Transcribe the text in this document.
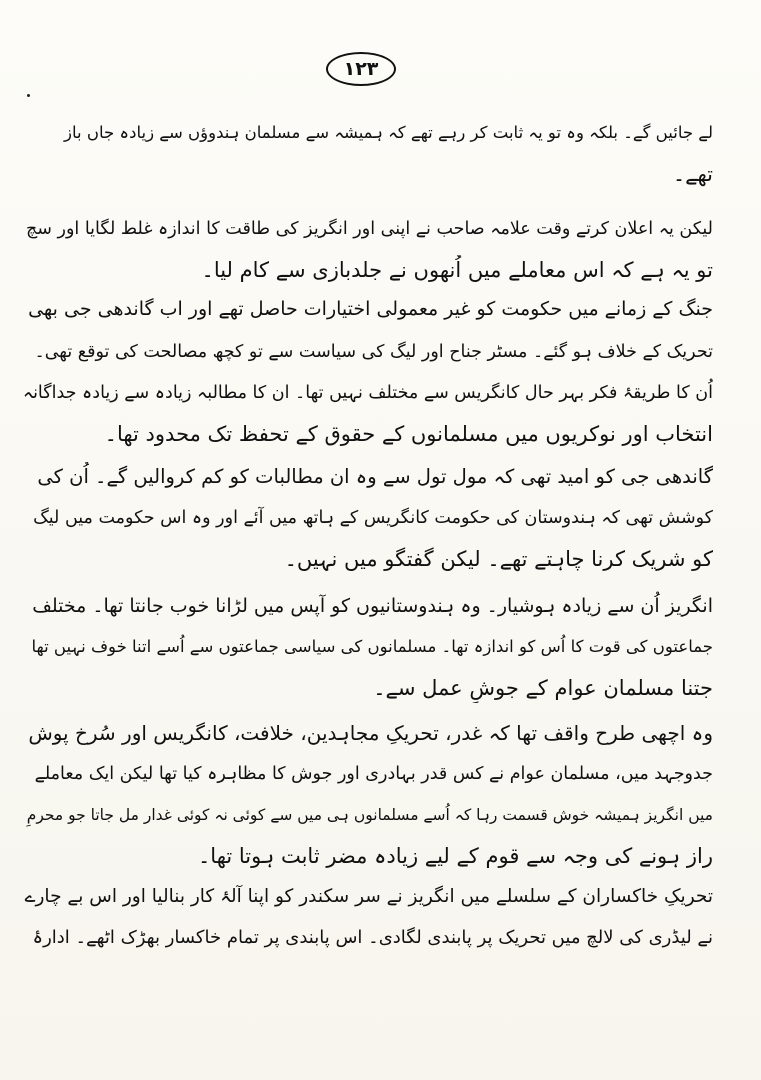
١٢٣
لے جائیں گے۔ بلکہ وہ تو یہ ثابت کر رہے تھے کہ ہمیشہ سے مسلمان ہندوؤں سے زیادہ جاں باز
تھے۔
لیکن یہ اعلان کرتے وقت علامہ صاحب نے اپنی اور انگریز کی طاقت کا اندازہ غلط لگایا اور سچ
تو یہ ہے کہ اس معاملے میں اُنھوں نے جلدبازی سے کام لیا۔
جنگ کے زمانے میں حکومت کو غیر معمولی اختیارات حاصل تھے اور اب گاندھی جی بھی
تحریک کے خلاف ہو گئے۔ مسٹر جناح اور لیگ کی سیاست سے تو کچھ مصالحت کی توقع تھی۔
اُن کا طریقۂ فکر بہر حال کانگریس سے مختلف نہیں تھا۔ ان کا مطالبہ زیادہ سے زیادہ جداگانہ
انتخاب اور نوکریوں میں مسلمانوں کے حقوق کے تحفظ تک محدود تھا۔
گاندھی جی کو امید تھی کہ مول تول سے وہ ان مطالبات کو کم کروالیں گے۔ اُن کی
کوشش تھی کہ ہندوستان کی حکومت کانگریس کے ہاتھ میں آئے اور وہ اس حکومت میں لیگ
کو شریک کرنا چاہتے تھے۔ لیکن گفتگو میں نہیں۔
انگریز اُن سے زیادہ ہوشیار۔ وہ ہندوستانیوں کو آپس میں لڑانا خوب جانتا تھا۔ مختلف
جماعتوں کی قوت کا اُس کو اندازہ تھا۔ مسلمانوں کی سیاسی جماعتوں سے اُسے اتنا خوف نہیں تھا
جتنا مسلمان عوام کے جوشِ عمل سے۔
وہ اچھی طرح واقف تھا کہ غدر، تحریکِ مجاہدین، خلافت، کانگریس اور سُرخ پوش
جدوجہد میں، مسلمان عوام نے کس قدر بہادری اور جوش کا مظاہرہ کیا تھا لیکن ایک معاملے
میں انگریز ہمیشہ خوش قسمت رہا کہ اُسے مسلمانوں ہی میں سے کوئی نہ کوئی غدار مل جاتا جو محرمِ
راز ہونے کی وجہ سے قوم کے لیے زیادہ مضر ثابت ہوتا تھا۔
تحریکِ خاکساران کے سلسلے میں انگریز نے سر سکندر کو اپنا آلۂ کار بنالیا اور اس بے چارے
نے لیڈری کی لالچ میں تحریک پر پابندی لگادی۔ اس پابندی پر تمام خاکسار بھڑک اٹھے۔ ادارۂ
